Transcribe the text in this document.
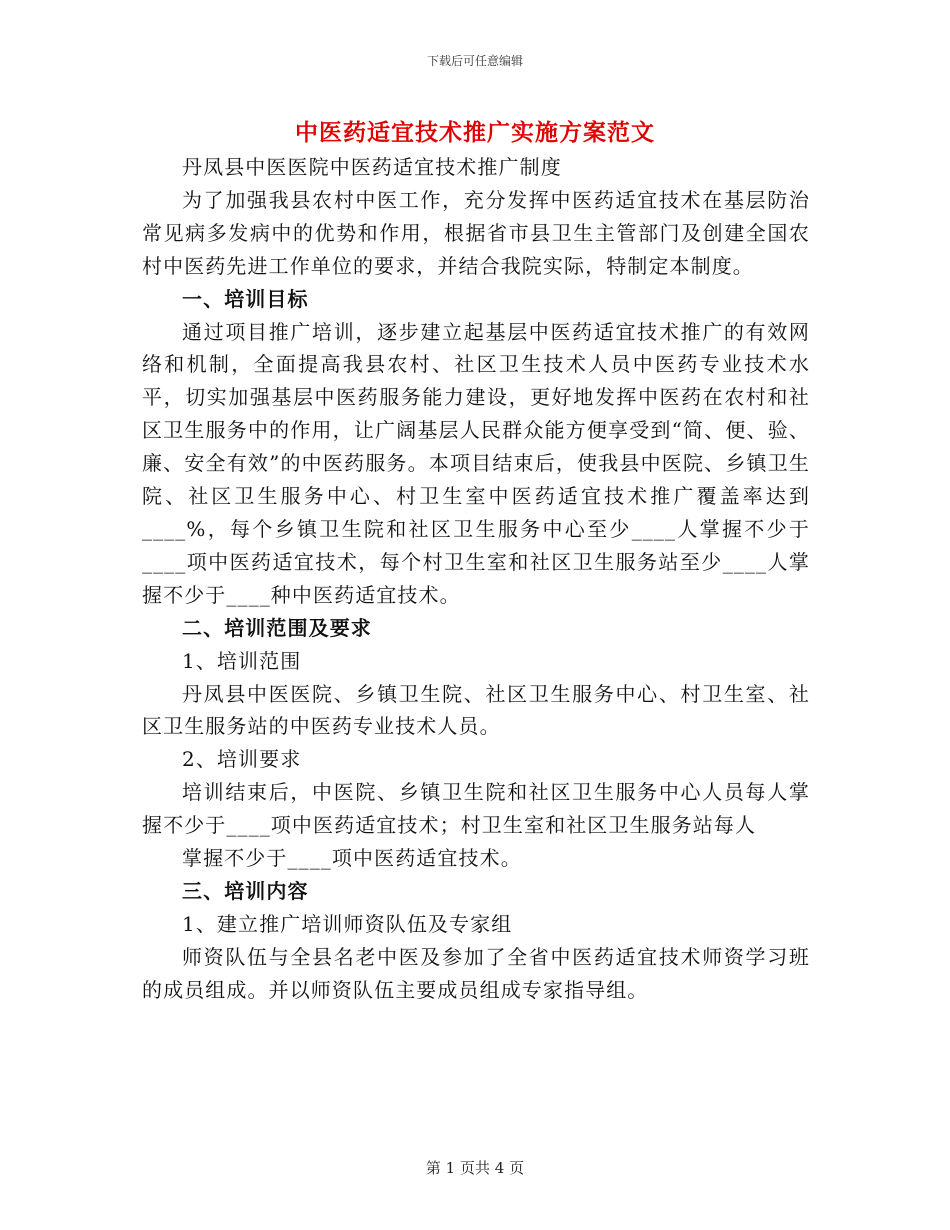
下载后可任意编辑
中医药适宜技术推广实施方案范文

丹凤县中医医院中医药适宜技术推广制度

为了加强我县农村中医工作，充分发挥中医药适宜技术在基层防治常见病多发病中的优势和作用，根据省市县卫生主管部门及创建全国农村中医药先进工作单位的要求，并结合我院实际，特制定本制度。

一、培训目标

通过项目推广培训，逐步建立起基层中医药适宜技术推广的有效网络和机制，全面提高我县农村、社区卫生技术人员中医药专业技术水平，切实加强基层中医药服务能力建设，更好地发挥中医药在农村和社区卫生服务中的作用，让广阔基层人民群众能方便享受到“简、便、验、廉、安全有效”的中医药服务。本项目结束后，使我县中医院、乡镇卫生院、社区卫生服务中心、村卫生室中医药适宜技术推广覆盖率达到____%，每个乡镇卫生院和社区卫生服务中心至少____人掌握不少于____项中医药适宜技术，每个村卫生室和社区卫生服务站至少____人掌握不少于____种中医药适宜技术。

二、培训范围及要求

1、培训范围

丹凤县中医医院、乡镇卫生院、社区卫生服务中心、村卫生室、社区卫生服务站的中医药专业技术人员。

2、培训要求

培训结束后，中医院、乡镇卫生院和社区卫生服务中心人员每人掌握不少于____项中医药适宜技术；村卫生室和社区卫生服务站每人

掌握不少于____项中医药适宜技术。

三、培训内容

1、建立推广培训师资队伍及专家组

师资队伍与全县名老中医及参加了全省中医药适宜技术师资学习班的成员组成。并以师资队伍主要成员组成专家指导组。

第 1 页共 4 页
